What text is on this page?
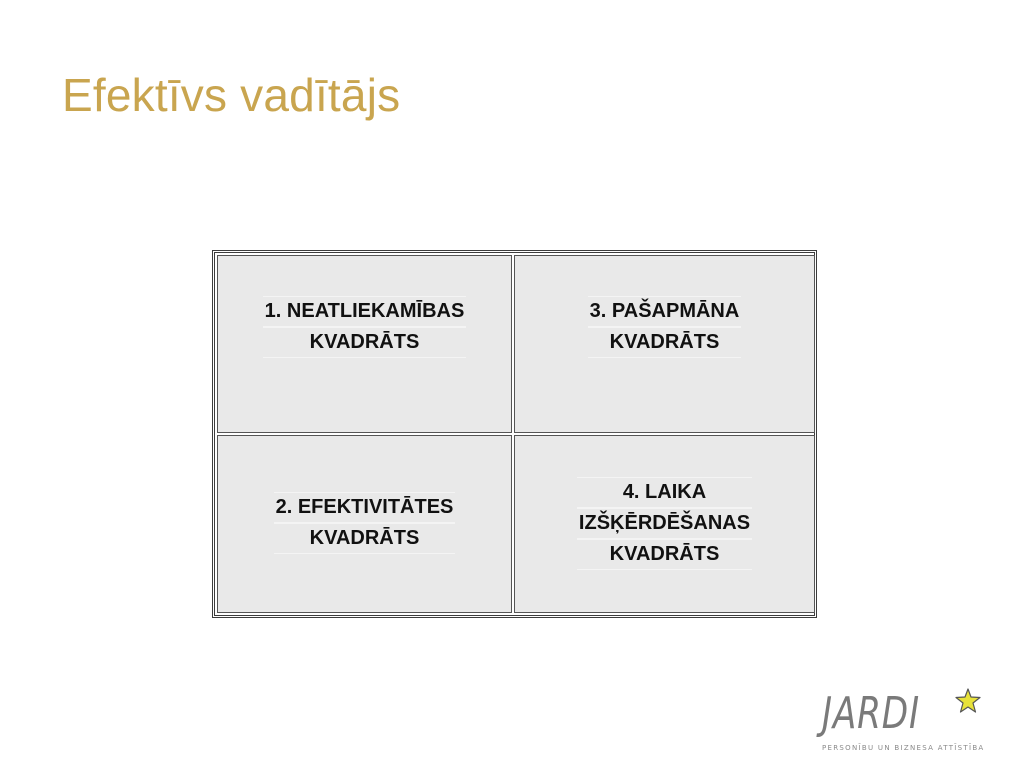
Efektīvs vadītājs
1. NEATLIEKAMĪBAS
KVADRĀTS
3. PAŠAPMĀNA
KVADRĀTS
2. EFEKTIVITĀTES
KVADRĀTS
4. LAIKA
IZŠĶĒRDĒŠANAS
KVADRĀTS
JARDI
PERSONĪBU UN BIZNESA ATTĪSTĪBA
